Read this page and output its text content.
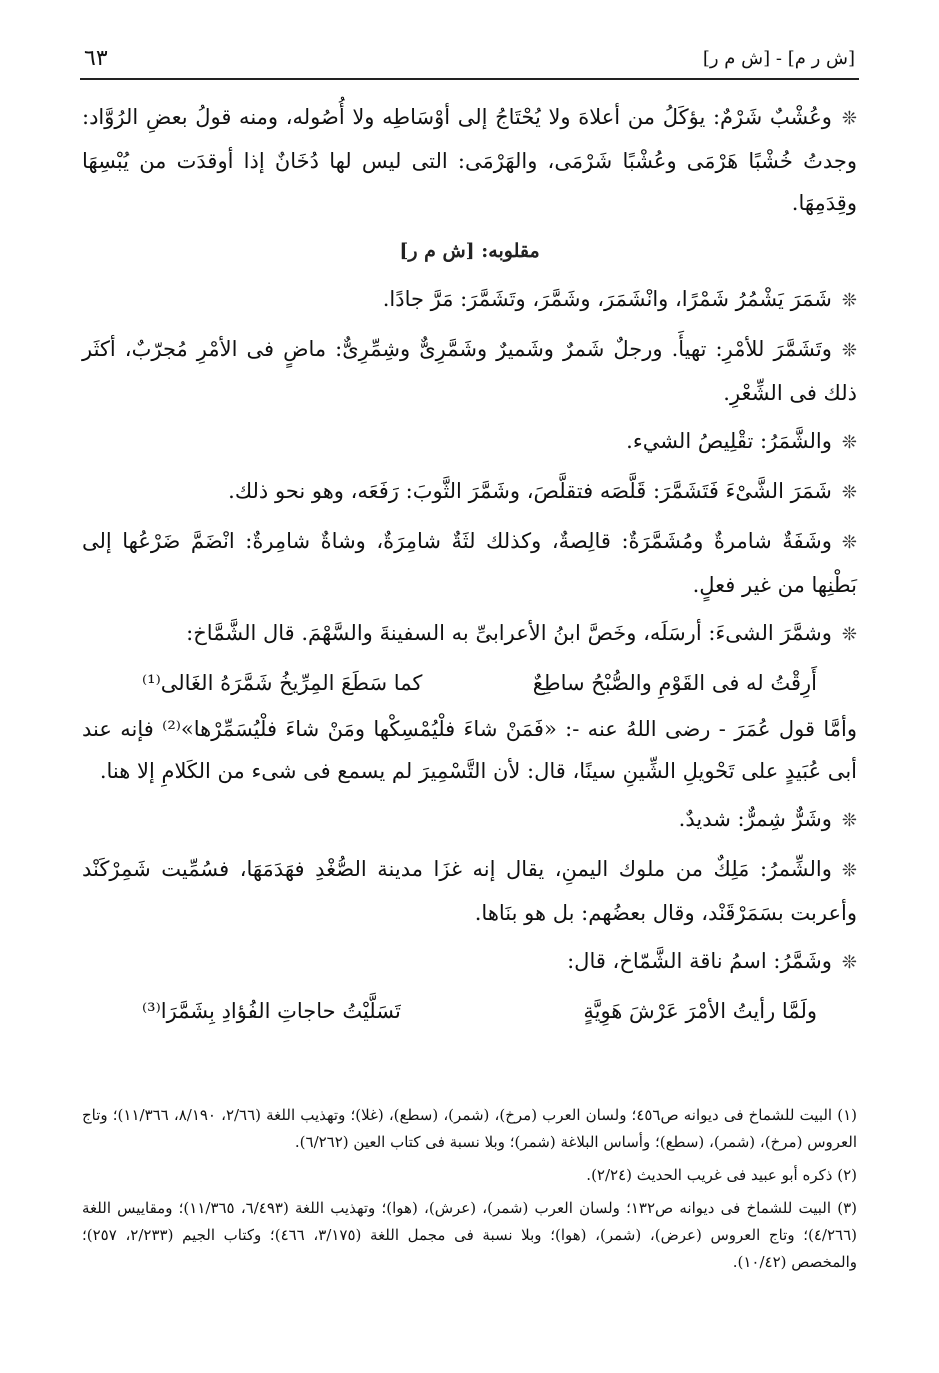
٦٣	[ش ر م] - [ش م ر]

❊وعُشْبٌ شَرْمٌ: يؤكَلُ من أعلاهَ ولا يُحْتَاجُ إلى أوْسَاطِه ولا أُصُوله، ومنه قولُ بعضِ الرُوَّاد: وجدتُ خُشْبًا هَرْمَى وعُشْبًا شَرْمَى، والهَرْمَى: التى ليس لها دُخَانٌ إذا أوقدَت من يُبْسِهَا وقِدَمِهَا.

مقلوبه: [ش م ر]

❊شَمَرَ يَشْمُرُ شَمْرًا، وانْشَمَرَ، وشَمَّرَ، وتَشَمَّرَ: مَرَّ جادًا.

❊وتَشَمَّرَ للأمْرِ: تهيأَ. ورجلٌ شَمرٌ وشَميرٌ وشَمَّرِىٌّ وشِمِّرِىٌّ: ماضٍ فى الأمْرِ مُجرّبٌ، أكثَر ذلك فى الشِّعْرِ.

❊والشَّمَرُ: تقْلِيصُ الشيء.

❊شَمَرَ الشَّىْءَ فَتَشَمَّرَ: قَلَّصَه فتقلَّصَ، وشَمَّرَ الثَّوبَ: رَفَعَه، وهو نحو ذلك.

❊وشَفَةٌ شامرةٌ ومُشَمَّرَةٌ: قالِصةٌ، وكذلك لثَةٌ شامِرَةٌ، وشاةٌ شامِرةٌ: انْضَمَّ ضَرْعُها إلى بَطْنِها من غير فعلٍ.

❊وشمَّرَ الشىءَ: أرسَلَه، وخَصَّ ابنُ الأعرابىِّ به السفينةَ والسَّهْمَ. قال الشَّمَّاخ:

أَرِقْتُ له فى القَوْمِ والصُّبْحُ ساطِعٌ
كما سَطَعَ المِرِّيخُ شَمَّرَهُ الغَالى⁽¹⁾

وأمَّا قول عُمَرَ - رضى اللهُ عنه -: «فَمَنْ شاءَ فلْيُمْسِكْها ومَنْ شاءَ فلْيُسَمِّرْها»⁽²⁾ فإنه عند أبى عُبَيدٍ على تَحْويلِ الشِّينِ سينًا، قال: لأن التَّسْمِيرَ لم يسمع فى شىء من الكَلامِ إلا هنا.

❊وشَرٌّ شِمرٌّ: شديدٌ.

❊والشِّمرُ: مَلِكٌ من ملوك اليمنِ، يقال إنه غزَا مدينة الصُّغْدِ فهَدَمَهَا، فسُمِّيت شَمِرْكَنْد وأعربت بسَمَرْقَنْد، وقال بعضُهم: بل هو بنَاها.

❊وشَمَّرُ: اسمُ ناقة الشَّمّاخ، قال:

ولَمَّا رأيتُ الأمْرَ عَرْشَ هَوِيَّةٍ
تَسَلَّيْتُ حاجاتِ الفُؤادِ بِشَمَّرَا⁽³⁾

(١) البيت للشماخ فى ديوانه ص٤٥٦؛ ولسان العرب (مرخ)، (شمر)، (سطع)، (غلا)؛ وتهذيب اللغة (٢/٦٦، ٨/١٩٠، ١١/٣٦٦)؛ وتاج العروس (مرخ)، (شمر)، (سطع)؛ وأساس البلاغة (شمر)؛ وبلا نسبة فى كتاب العين (٦/٢٦٢).

(٢) ذكره أبو عبيد فى غريب الحديث (٢/٢٤).

(٣) البيت للشماخ فى ديوانه ص١٣٢؛ ولسان العرب (شمر)، (عرش)، (هوا)؛ وتهذيب اللغة (٦/٤٩٣، ١١/٣٦٥)؛ ومقاييس اللغة (٤/٢٦٦)؛ وتاج العروس (عرض)، (شمر)، (هوا)؛ وبلا نسبة فى مجمل اللغة (٣/١٧٥، ٤٦٦)؛ وكتاب الجيم (٢/٢٣٣، ٢٥٧)؛ والمخصص (١٠/٤٢).
